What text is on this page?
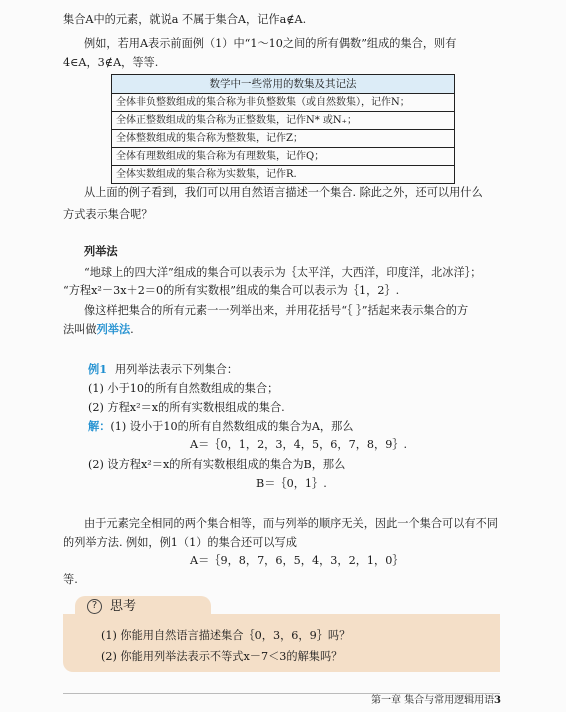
集合A中的元素，就说a 不属于集合A，记作a∉A.
例如，若用A表示前面例（1）中“1～10之间的所有偶数”组成的集合，则有
4∈A，3∉A，等等.
数学中一些常用的数集及其记法
全体非负整数组成的集合称为非负整数集（或自然数集），记作N；
全体正整数组成的集合称为正整数集，记作N* 或N₊；
全体整数组成的集合称为整数集，记作Z；
全体有理数组成的集合称为有理数集，记作Q；
全体实数组成的集合称为实数集，记作R.
从上面的例子看到，我们可以用自然语言描述一个集合. 除此之外，还可以用什么
方式表示集合呢？
列举法
“地球上的四大洋”组成的集合可以表示为｛太平洋，大西洋，印度洋，北冰洋｝；
“方程x²－3x＋2＝0的所有实数根”组成的集合可以表示为｛1，2｝.
像这样把集合的所有元素一一列举出来，并用花括号“｛ ｝”括起来表示集合的方
法叫做列举法.
例1 用列举法表示下列集合：
(1) 小于10的所有自然数组成的集合；
(2) 方程x²＝x的所有实数根组成的集合.
解：(1) 设小于10的所有自然数组成的集合为A，那么
A＝｛0，1，2，3，4，5，6，7，8，9｝.
(2) 设方程x²＝x的所有实数根组成的集合为B，那么
B＝｛0，1｝.
由于元素完全相同的两个集合相等，而与列举的顺序无关，因此一个集合可以有不同
的列举方法. 例如，例1（1）的集合还可以写成
A＝｛9，8，7，6，5，4，3，2，1，0｝
等.
? 思考
(1) 你能用自然语言描述集合｛0，3，6，9｝吗？
(2) 你能用列举法表示不等式x－7＜3的解集吗？
第一章 集合与常用逻辑用语 3
